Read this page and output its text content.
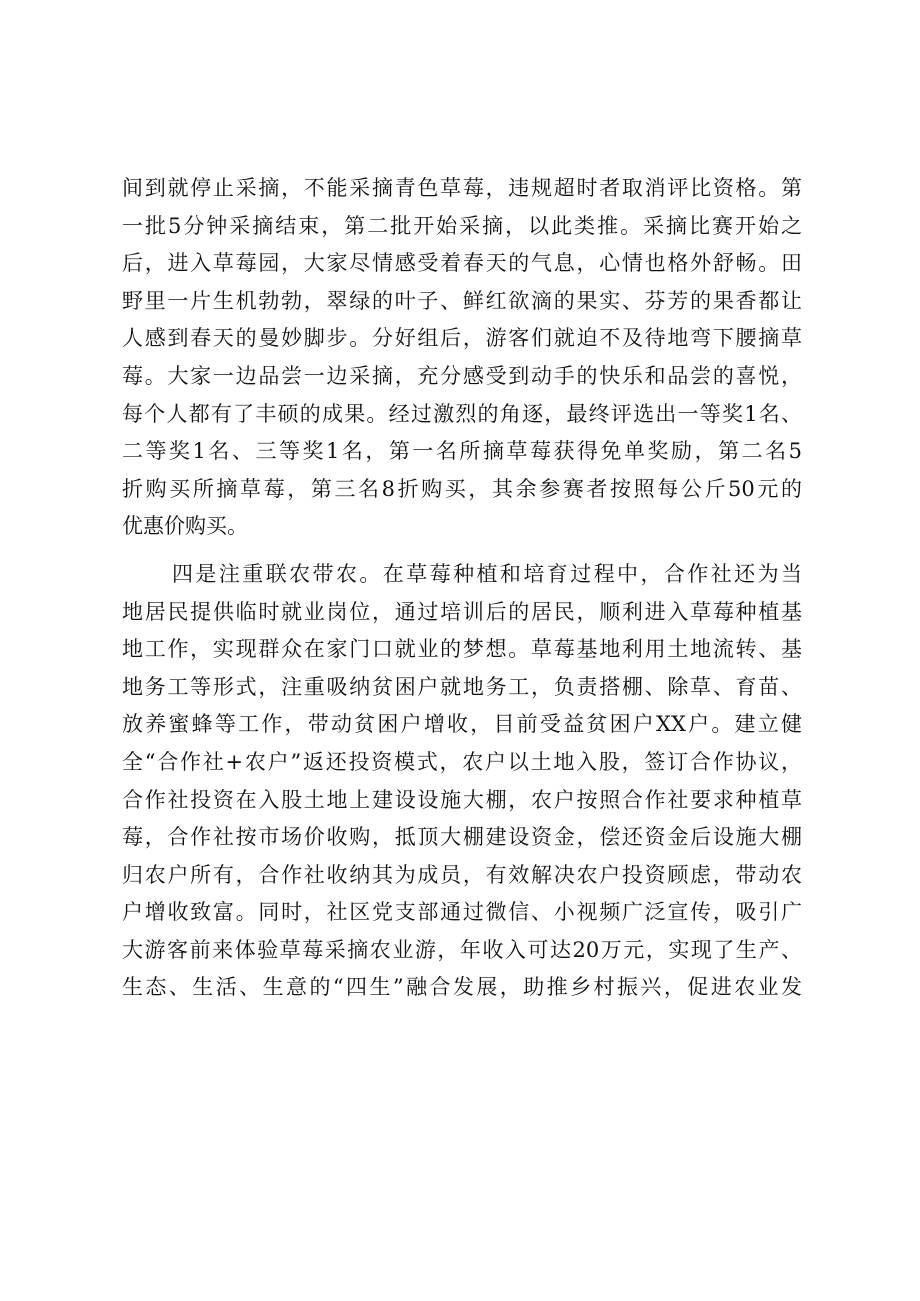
间到就停止采摘，不能采摘青色草莓，违规超时者取消评比资格。第
一批5分钟采摘结束，第二批开始采摘，以此类推。采摘比赛开始之
后，进入草莓园，大家尽情感受着春天的气息，心情也格外舒畅。田
野里一片生机勃勃，翠绿的叶子、鲜红欲滴的果实、芬芳的果香都让
人感到春天的曼妙脚步。分好组后，游客们就迫不及待地弯下腰摘草
莓。大家一边品尝一边采摘，充分感受到动手的快乐和品尝的喜悦，
每个人都有了丰硕的成果。经过激烈的角逐，最终评选出一等奖1名、
二等奖1名、三等奖1名，第一名所摘草莓获得免单奖励，第二名5
折购买所摘草莓，第三名8折购买，其余参赛者按照每公斤50元的
优惠价购买。
四是注重联农带农。在草莓种植和培育过程中，合作社还为当
地居民提供临时就业岗位，通过培训后的居民，顺利进入草莓种植基
地工作，实现群众在家门口就业的梦想。草莓基地利用土地流转、基
地务工等形式，注重吸纳贫困户就地务工，负责搭棚、除草、育苗、
放养蜜蜂等工作，带动贫困户增收，目前受益贫困户XX户。建立健
全“合作社+农户”返还投资模式，农户以土地入股，签订合作协议，
合作社投资在入股土地上建设设施大棚，农户按照合作社要求种植草
莓，合作社按市场价收购，抵顶大棚建设资金，偿还资金后设施大棚
归农户所有，合作社收纳其为成员，有效解决农户投资顾虑，带动农
户增收致富。同时，社区党支部通过微信、小视频广泛宣传，吸引广
大游客前来体验草莓采摘农业游，年收入可达20万元，实现了生产、
生态、生活、生意的“四生”融合发展，助推乡村振兴，促进农业发
